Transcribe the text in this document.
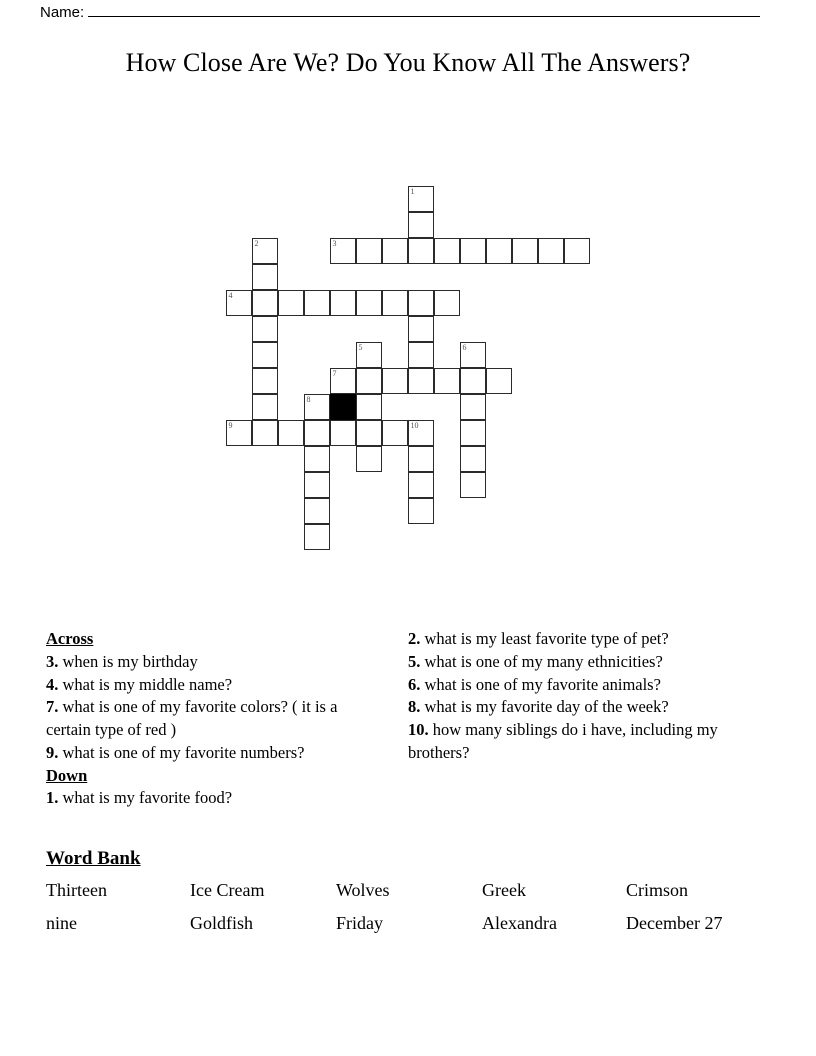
Name:
How Close Are We? Do You Know All The Answers?
1
2	3
4
5	6
7
8
9	10
Across
3. when is my birthday
4. what is my middle name?
7. what is one of my favorite colors? ( it is a certain type of red )
9. what is one of my favorite numbers?
Down
1. what is my favorite food?
2. what is my least favorite type of pet?
5. what is one of my many ethnicities?
6. what is one of my favorite animals?
8. what is my favorite day of the week?
10. how many siblings do i have, including my brothers?
Word Bank
Thirteen	Ice Cream	Wolves	Greek	Crimson
nine	Goldfish	Friday	Alexandra	December 27
